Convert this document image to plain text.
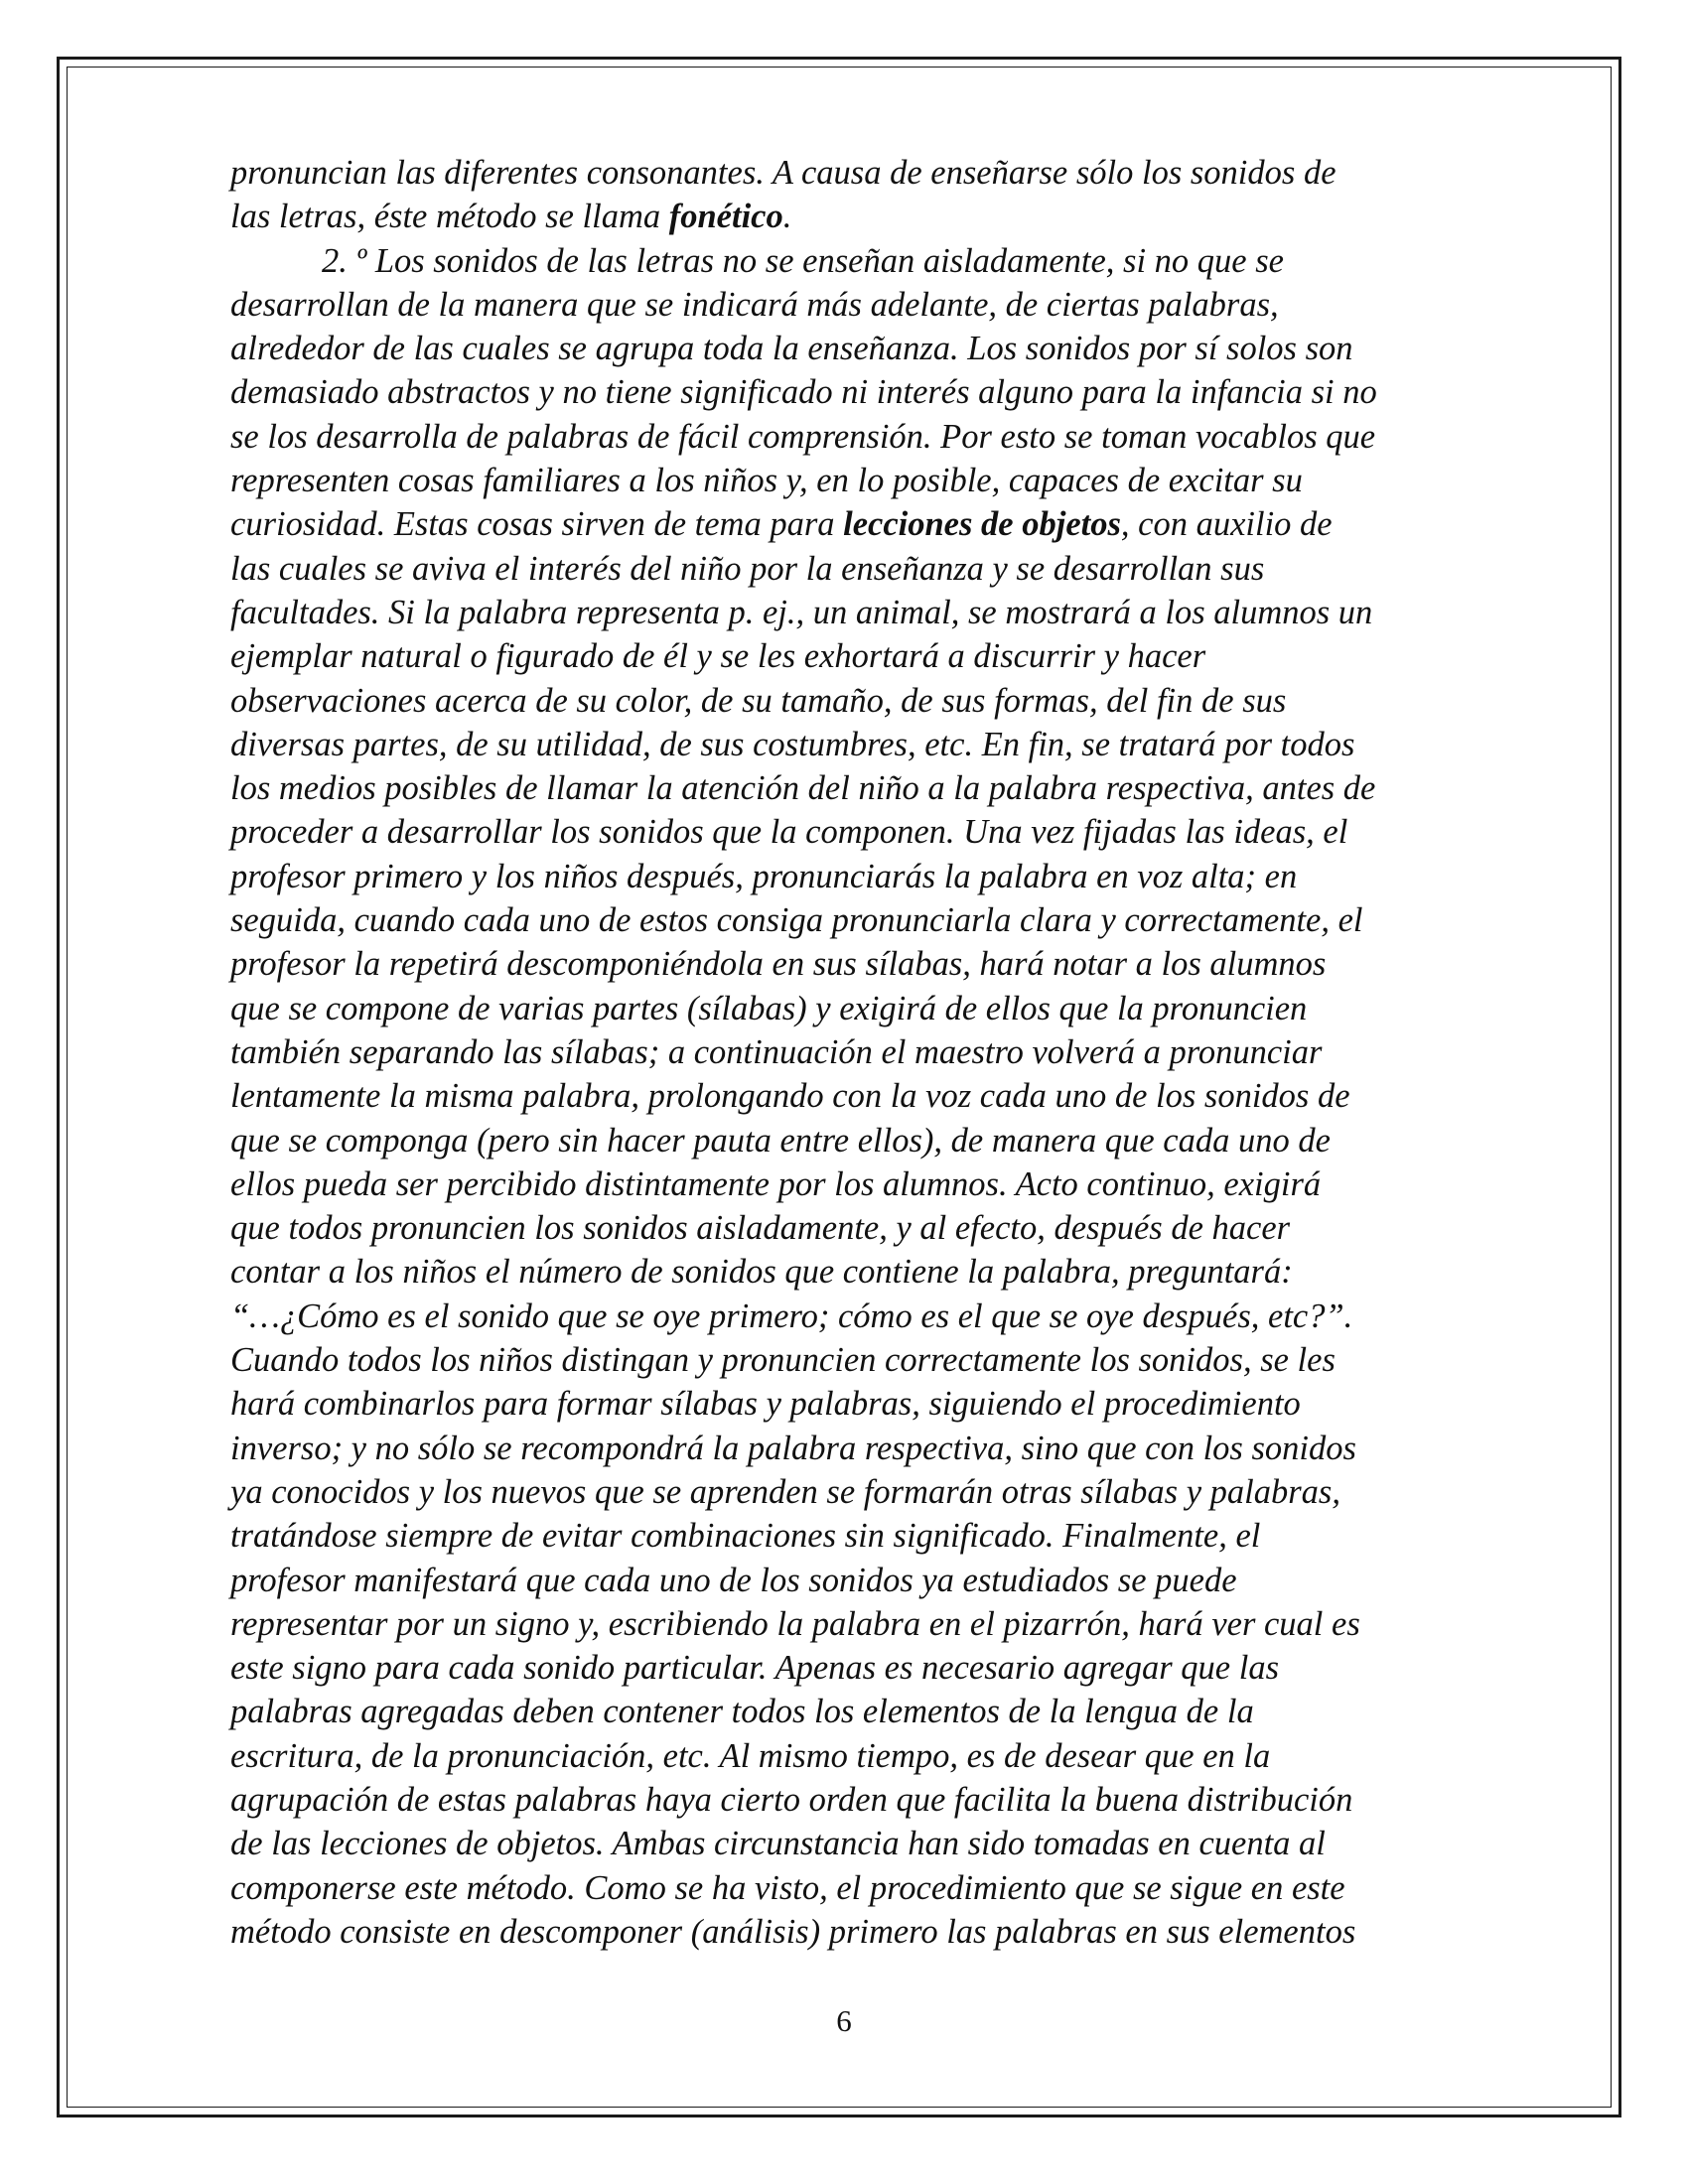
pronuncian las diferentes consonantes. A causa de enseñarse sólo los sonidos de
las letras, éste método se llama fonético.
2. º Los sonidos de las letras no se enseñan aisladamente, si no que se
desarrollan de la manera que se indicará más adelante, de ciertas palabras,
alrededor de las cuales se agrupa toda la enseñanza. Los sonidos por sí solos son
demasiado abstractos y no tiene significado ni interés alguno para la infancia si no
se los desarrolla de palabras de fácil comprensión. Por esto se toman vocablos que
representen cosas familiares a los niños y, en lo posible, capaces de excitar su
curiosidad. Estas cosas sirven de tema para lecciones de objetos, con auxilio de
las cuales se aviva el interés del niño por la enseñanza y se desarrollan sus
facultades. Si la palabra representa p. ej., un animal, se mostrará a los alumnos un
ejemplar natural o figurado de él y se les exhortará a discurrir y hacer
observaciones acerca de su color, de su tamaño, de sus formas, del fin de sus
diversas partes, de su utilidad, de sus costumbres, etc. En fin, se tratará por todos
los medios posibles de llamar la atención del niño a la palabra respectiva, antes de
proceder a desarrollar los sonidos que la componen. Una vez fijadas las ideas, el
profesor primero y los niños después, pronunciarás la palabra en voz alta; en
seguida, cuando cada uno de estos consiga pronunciarla clara y correctamente, el
profesor la repetirá descomponiéndola en sus sílabas, hará notar a los alumnos
que se compone de varias partes (sílabas) y exigirá de ellos que la pronuncien
también separando las sílabas; a continuación el maestro volverá a pronunciar
lentamente la misma palabra, prolongando con la voz cada uno de los sonidos de
que se componga (pero sin hacer pauta entre ellos), de manera que cada uno de
ellos pueda ser percibido distintamente por los alumnos. Acto continuo, exigirá
que todos pronuncien los sonidos aisladamente, y al efecto, después de hacer
contar a los niños el número de sonidos que contiene la palabra, preguntará:
“…¿Cómo es el sonido que se oye primero; cómo es el que se oye después, etc?”.
Cuando todos los niños distingan y pronuncien correctamente los sonidos, se les
hará combinarlos para formar sílabas y palabras, siguiendo el procedimiento
inverso; y no sólo se recompondrá la palabra respectiva, sino que con los sonidos
ya conocidos y los nuevos que se aprenden se formarán otras sílabas y palabras,
tratándose siempre de evitar combinaciones sin significado. Finalmente, el
profesor manifestará que cada uno de los sonidos ya estudiados se puede
representar por un signo y, escribiendo la palabra en el pizarrón, hará ver cual es
este signo para cada sonido particular. Apenas es necesario agregar que las
palabras agregadas deben contener todos los elementos de la lengua de la
escritura, de la pronunciación, etc. Al mismo tiempo, es de desear que en la
agrupación de estas palabras haya cierto orden que facilita la buena distribución
de las lecciones de objetos. Ambas circunstancia han sido tomadas en cuenta al
componerse este método. Como se ha visto, el procedimiento que se sigue en este
método consiste en descomponer (análisis) primero las palabras en sus elementos
6
